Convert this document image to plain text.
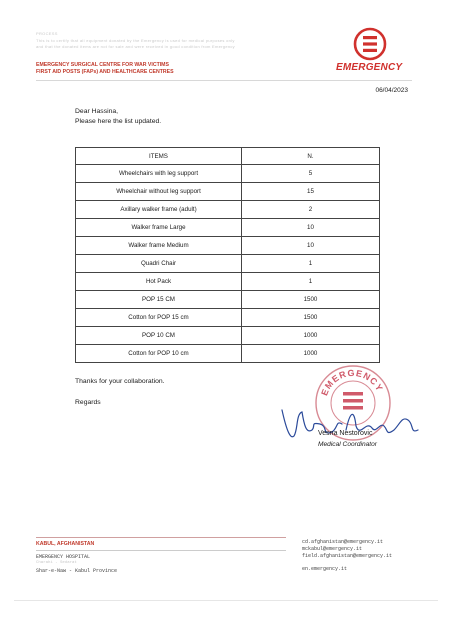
PROCESS
This is to certify that all equipment donated by the Emergency is used for medical purposes only
and that the donated items are not for sale and were received in good condition from Emergency
EMERGENCY SURGICAL CENTRE FOR WAR VICTIMS
FIRST AID POSTS (FAPs) AND HEALTHCARE CENTRES	EMERGENCY
06/04/2023
Dear Hassina,
Please here the list updated.
ITEMS	N.
Wheelchairs with leg support	5
Wheelchair without leg support	15
Axillary walker frame (adult)	2
Walker frame Large	10
Walker frame Medium	10
Quadri Chair	1
Hot Pack	1
POP 15 CM	1500
Cotton for POP 15 cm	1500
POP 10 CM	1000
Cotton for POP 10 cm	1000
Thanks for your collaboration.
Regards
EMERGENCY
Vesna Nestorovic
Medical Coordinator
KABUL, AFGHANISTAN
EMERGENCY HOSPITAL
Charahi - Sedarat
Shar-e-Naw - Kabul Province
cd.afghanistan@emergency.it
mckabul@emergency.it
field.afghanistan@emergency.it
en.emergency.it
